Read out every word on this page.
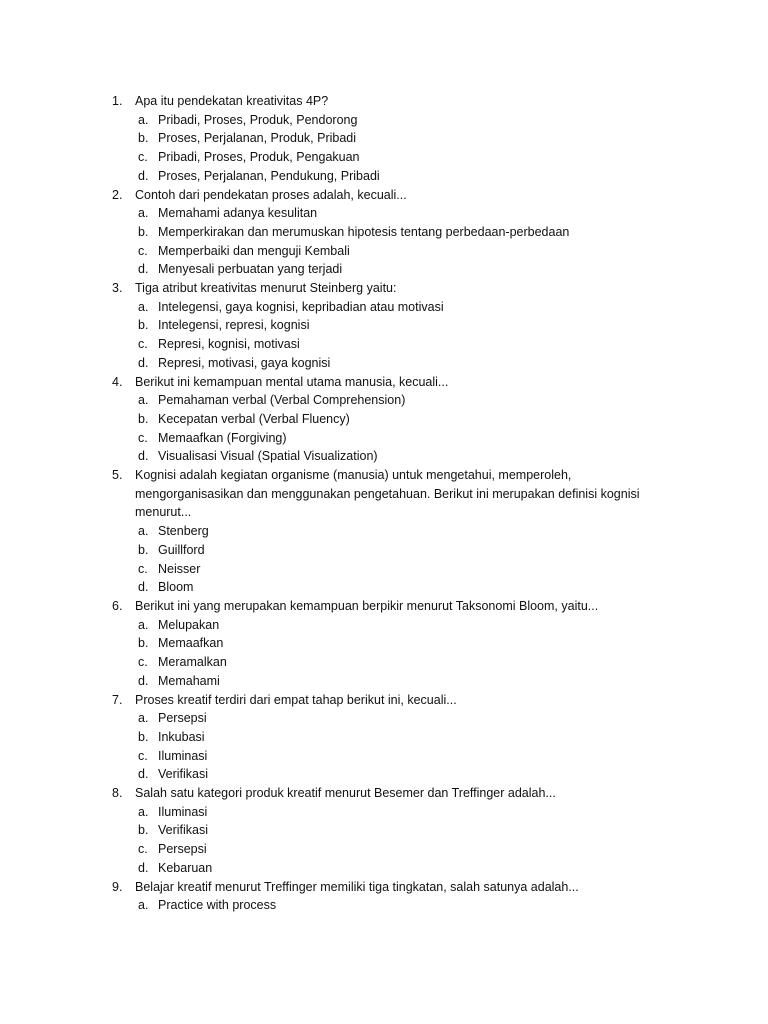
1.	Apa itu pendekatan kreativitas 4P?
a. Pribadi, Proses, Produk, Pendorong
b. Proses, Perjalanan, Produk, Pribadi
c. Pribadi, Proses, Produk, Pengakuan
d. Proses, Perjalanan, Pendukung, Pribadi
2.	Contoh dari pendekatan proses adalah, kecuali...
a. Memahami adanya kesulitan
b. Memperkirakan dan merumuskan hipotesis tentang perbedaan-perbedaan
c. Memperbaiki dan menguji Kembali
d. Menyesali perbuatan yang terjadi
3.	Tiga atribut kreativitas menurut Steinberg yaitu:
a. Intelegensi, gaya kognisi, kepribadian atau motivasi
b. Intelegensi, represi, kognisi
c. Represi, kognisi, motivasi
d. Represi, motivasi, gaya kognisi
4.	Berikut ini kemampuan mental utama manusia, kecuali...
a. Pemahaman verbal (Verbal Comprehension)
b. Kecepatan verbal (Verbal Fluency)
c. Memaafkan (Forgiving)
d. Visualisasi Visual (Spatial Visualization)
5.	Kognisi adalah kegiatan organisme (manusia) untuk mengetahui, memperoleh, mengorganisasikan dan menggunakan pengetahuan. Berikut ini merupakan definisi kognisi menurut...
a. Stenberg
b. Guillford
c. Neisser
d. Bloom
6.	Berikut ini yang merupakan kemampuan berpikir menurut Taksonomi Bloom, yaitu...
a. Melupakan
b. Memaafkan
c. Meramalkan
d. Memahami
7.	Proses kreatif terdiri dari empat tahap berikut ini, kecuali...
a. Persepsi
b. Inkubasi
c. Iluminasi
d. Verifikasi
8.	Salah satu kategori produk kreatif menurut Besemer dan Treffinger adalah...
a. Iluminasi
b. Verifikasi
c. Persepsi
d. Kebaruan
9.	Belajar kreatif menurut Treffinger memiliki tiga tingkatan, salah satunya adalah...
a. Practice with process
